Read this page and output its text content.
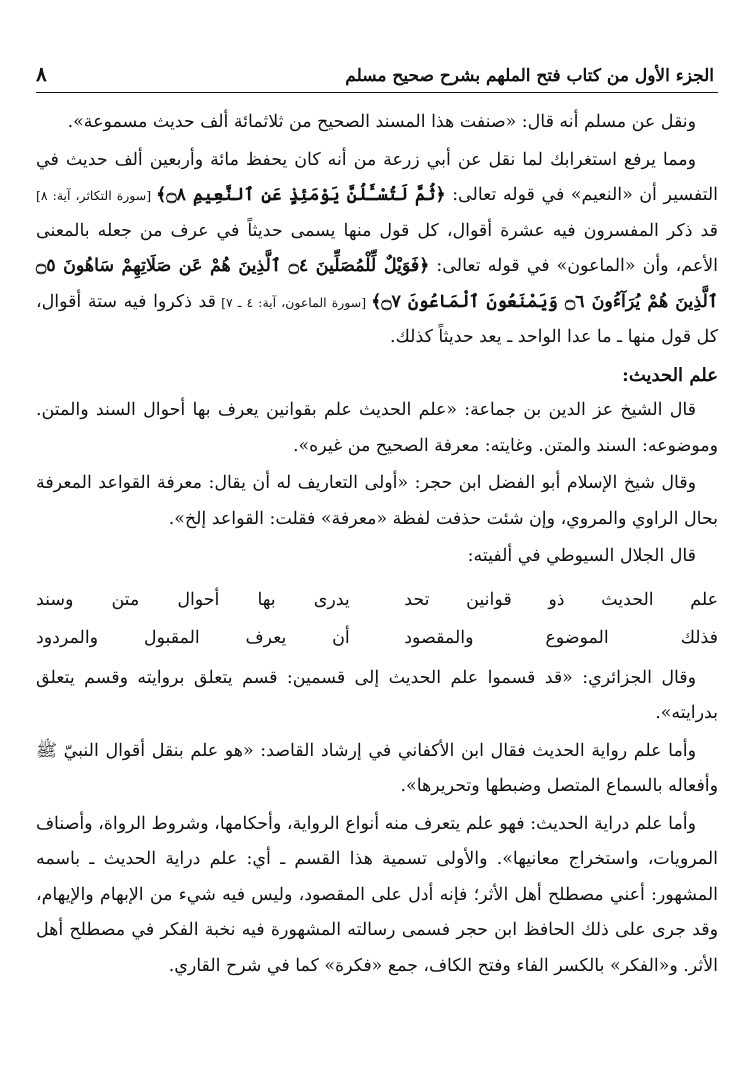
الجزء الأول من كتاب فتح الملهم بشرح صحيح مسلم
٨

ونقل عن مسلم أنه قال: «صنفت هذا المسند الصحيح من ثلاثمائة ألف حديث مسموعة».

ومما يرفع استغرابك لما نقل عن أبي زرعة من أنه كان يحفظ مائة وأربعين ألف حديث في التفسير أن «النعيم» في قوله تعالى: ﴿ثُمَّ لَتُسْـَٔلُنَّ يَوْمَئِذٍ عَنِ ٱلنَّعِيمِ ۝٨﴾ [سورة التكاثر، آية: ٨] قد ذكر المفسرون فيه عشرة أقوال، كل قول منها يسمى حديثاً في عرف من جعله بالمعنى الأعم، وأن «الماعون» في قوله تعالى: ﴿فَوَيْلٌ لِّلْمُصَلِّينَ ۝٤ ٱلَّذِينَ هُمْ عَن صَلَاتِهِمْ سَاهُونَ ۝٥ ٱلَّذِينَ هُمْ يُرَآءُونَ ۝٦ وَيَمْنَعُونَ ٱلْمَاعُونَ ۝٧﴾ [سورة الماعون، آية: ٤ ـ ٧] قد ذكروا فيه ستة أقوال، كل قول منها ـ ما عدا الواحد ـ يعد حديثاً كذلك.

علم الحديث:

قال الشيخ عز الدين بن جماعة: «علم الحديث علم بقوانين يعرف بها أحوال السند والمتن. وموضوعه: السند والمتن. وغايته: معرفة الصحيح من غيره».

وقال شيخ الإسلام أبو الفضل ابن حجر: «أولى التعاريف له أن يقال: معرفة القواعد المعرفة بحال الراوي والمروي، وإن شئت حذفت لفظة «معرفة» فقلت: القواعد إلخ».

قال الجلال السيوطي في ألفيته:

علم الحديث ذو قوانين تحد
يدرى بها أحوال متن وسند
فذلك الموضوع والمقصود
أن يعرف المقبول والمردود

وقال الجزائري: «قد قسموا علم الحديث إلى قسمين: قسم يتعلق بروايته وقسم يتعلق بدرايته».

وأما علم رواية الحديث فقال ابن الأكفاني في إرشاد القاصد: «هو علم بنقل أقوال النبيّ ﷺ وأفعاله بالسماع المتصل وضبطها وتحريرها».

وأما علم دراية الحديث: فهو علم يتعرف منه أنواع الرواية، وأحكامها، وشروط الرواة، وأصناف المرويات، واستخراج معانيها». والأولى تسمية هذا القسم ـ أي: علم دراية الحديث ـ باسمه المشهور: أعني مصطلح أهل الأثر؛ فإنه أدل على المقصود، وليس فيه شيء من الإبهام والإيهام، وقد جرى على ذلك الحافظ ابن حجر فسمى رسالته المشهورة فيه نخبة الفكر في مصطلح أهل الأثر. و«الفكر» بالكسر الفاء وفتح الكاف، جمع «فكرة» كما في شرح القاري.
